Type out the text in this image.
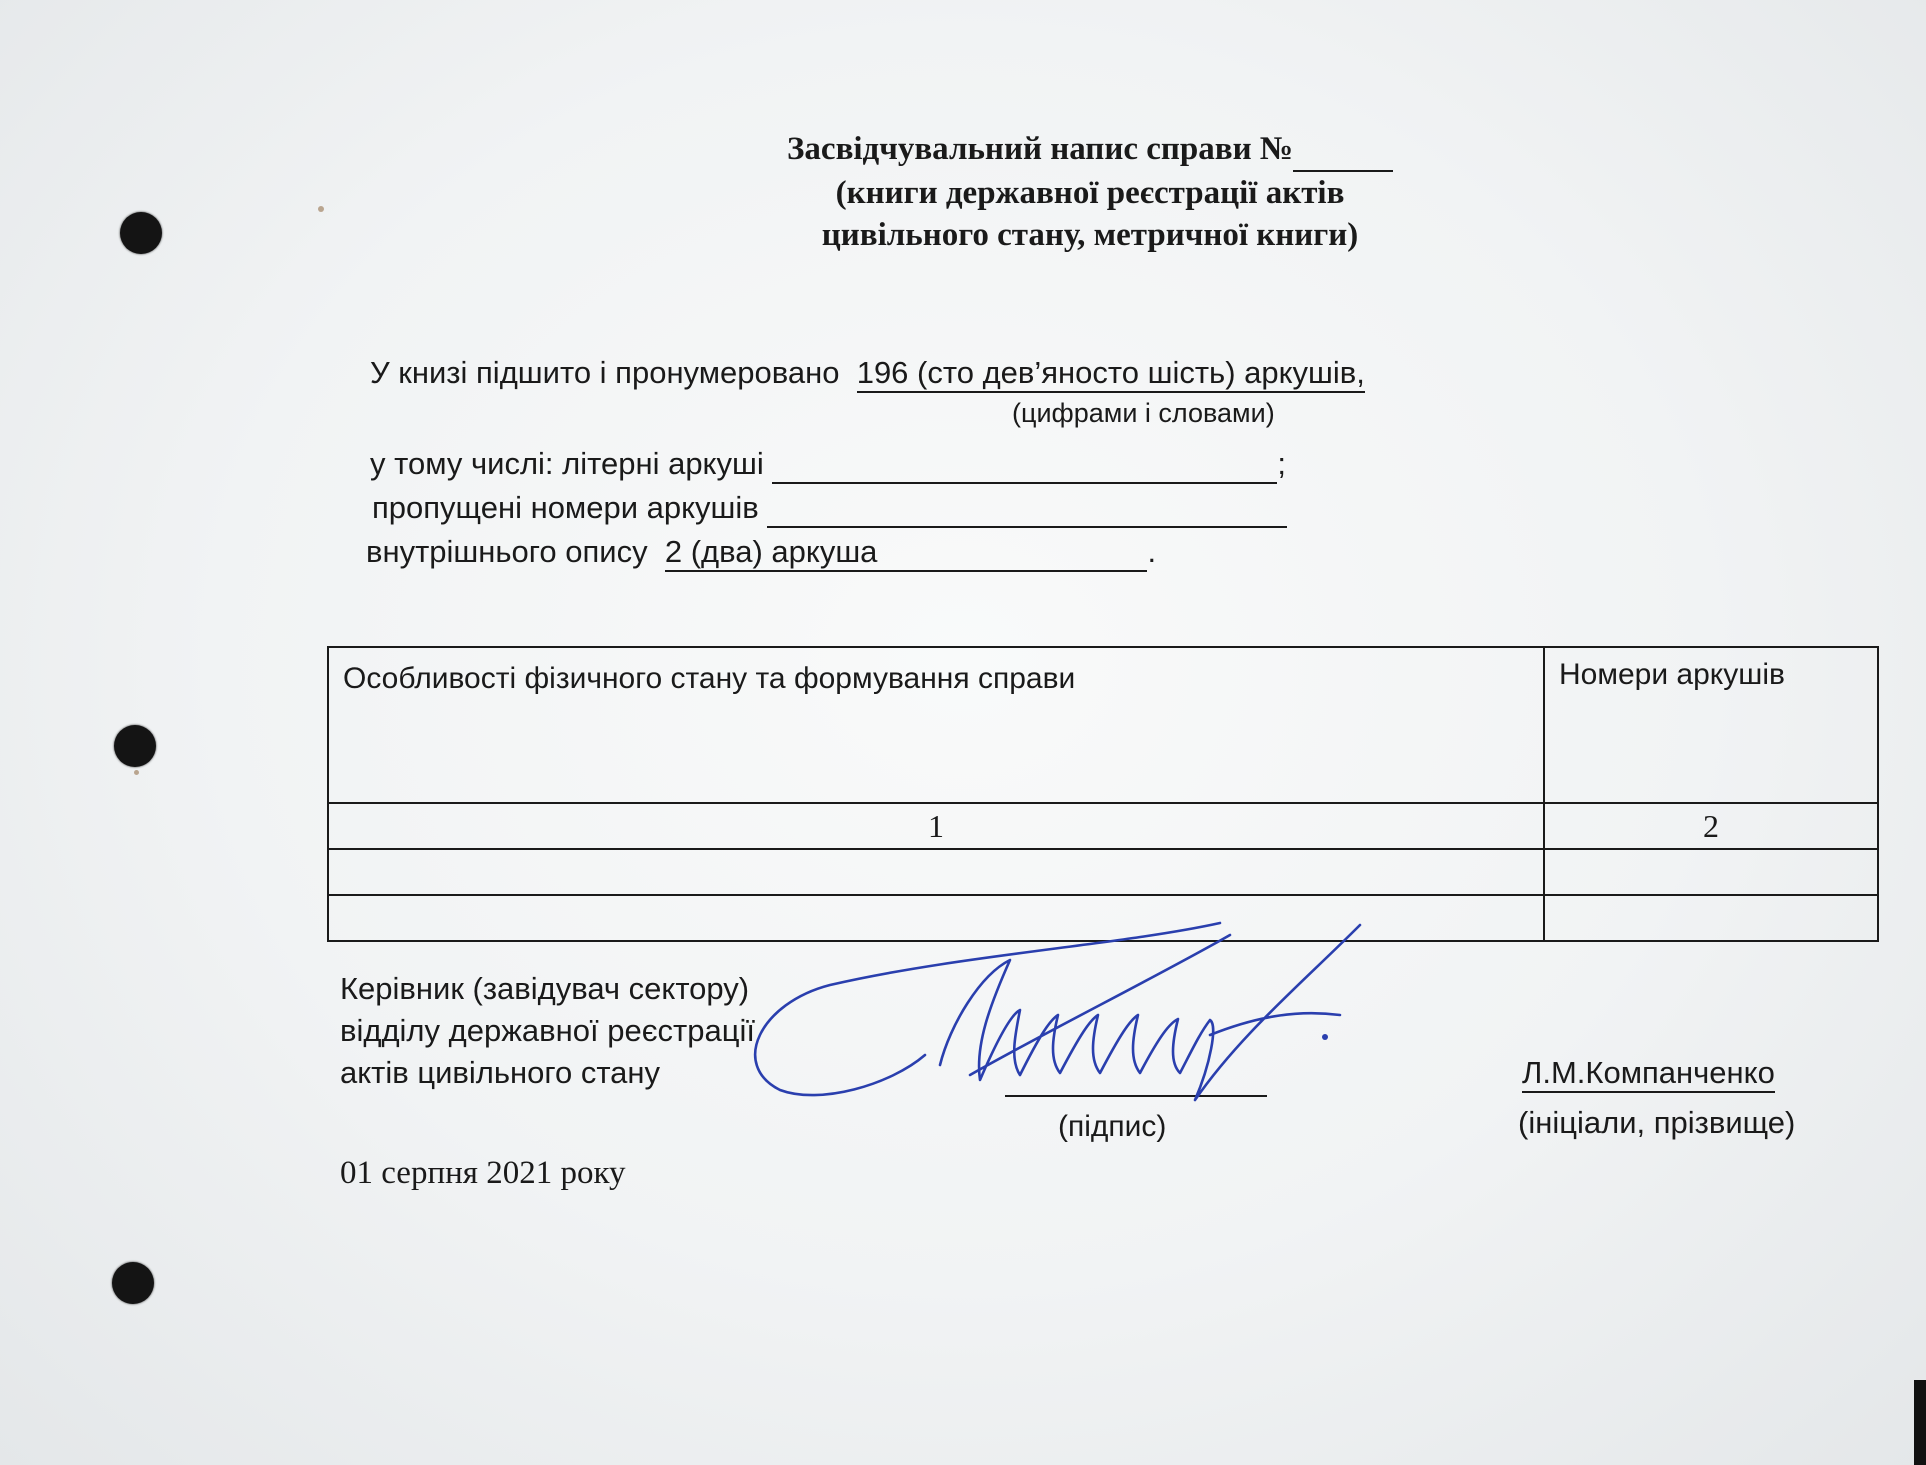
Засвідчувальний напис справи №
(книги державної реєстрації актів
цивільного стану, метричної книги)
У книзі підшито і пронумеровано 196 (сто дев’яносто шість) аркушів,
(цифрами і словами)
у тому числі: літерні аркуші	;
пропущені номери аркушів
внутрішнього опису 2 (два) аркуша	.
Особливості фізичного стану та формування справи	Номери аркушів
1	2

Керівник (завідувач сектору)
відділу державної реєстрації
актів цивільного стану
(підпис)
Л.М.Компанченко
(ініціали, прізвище)
01 серпня 2021 року
